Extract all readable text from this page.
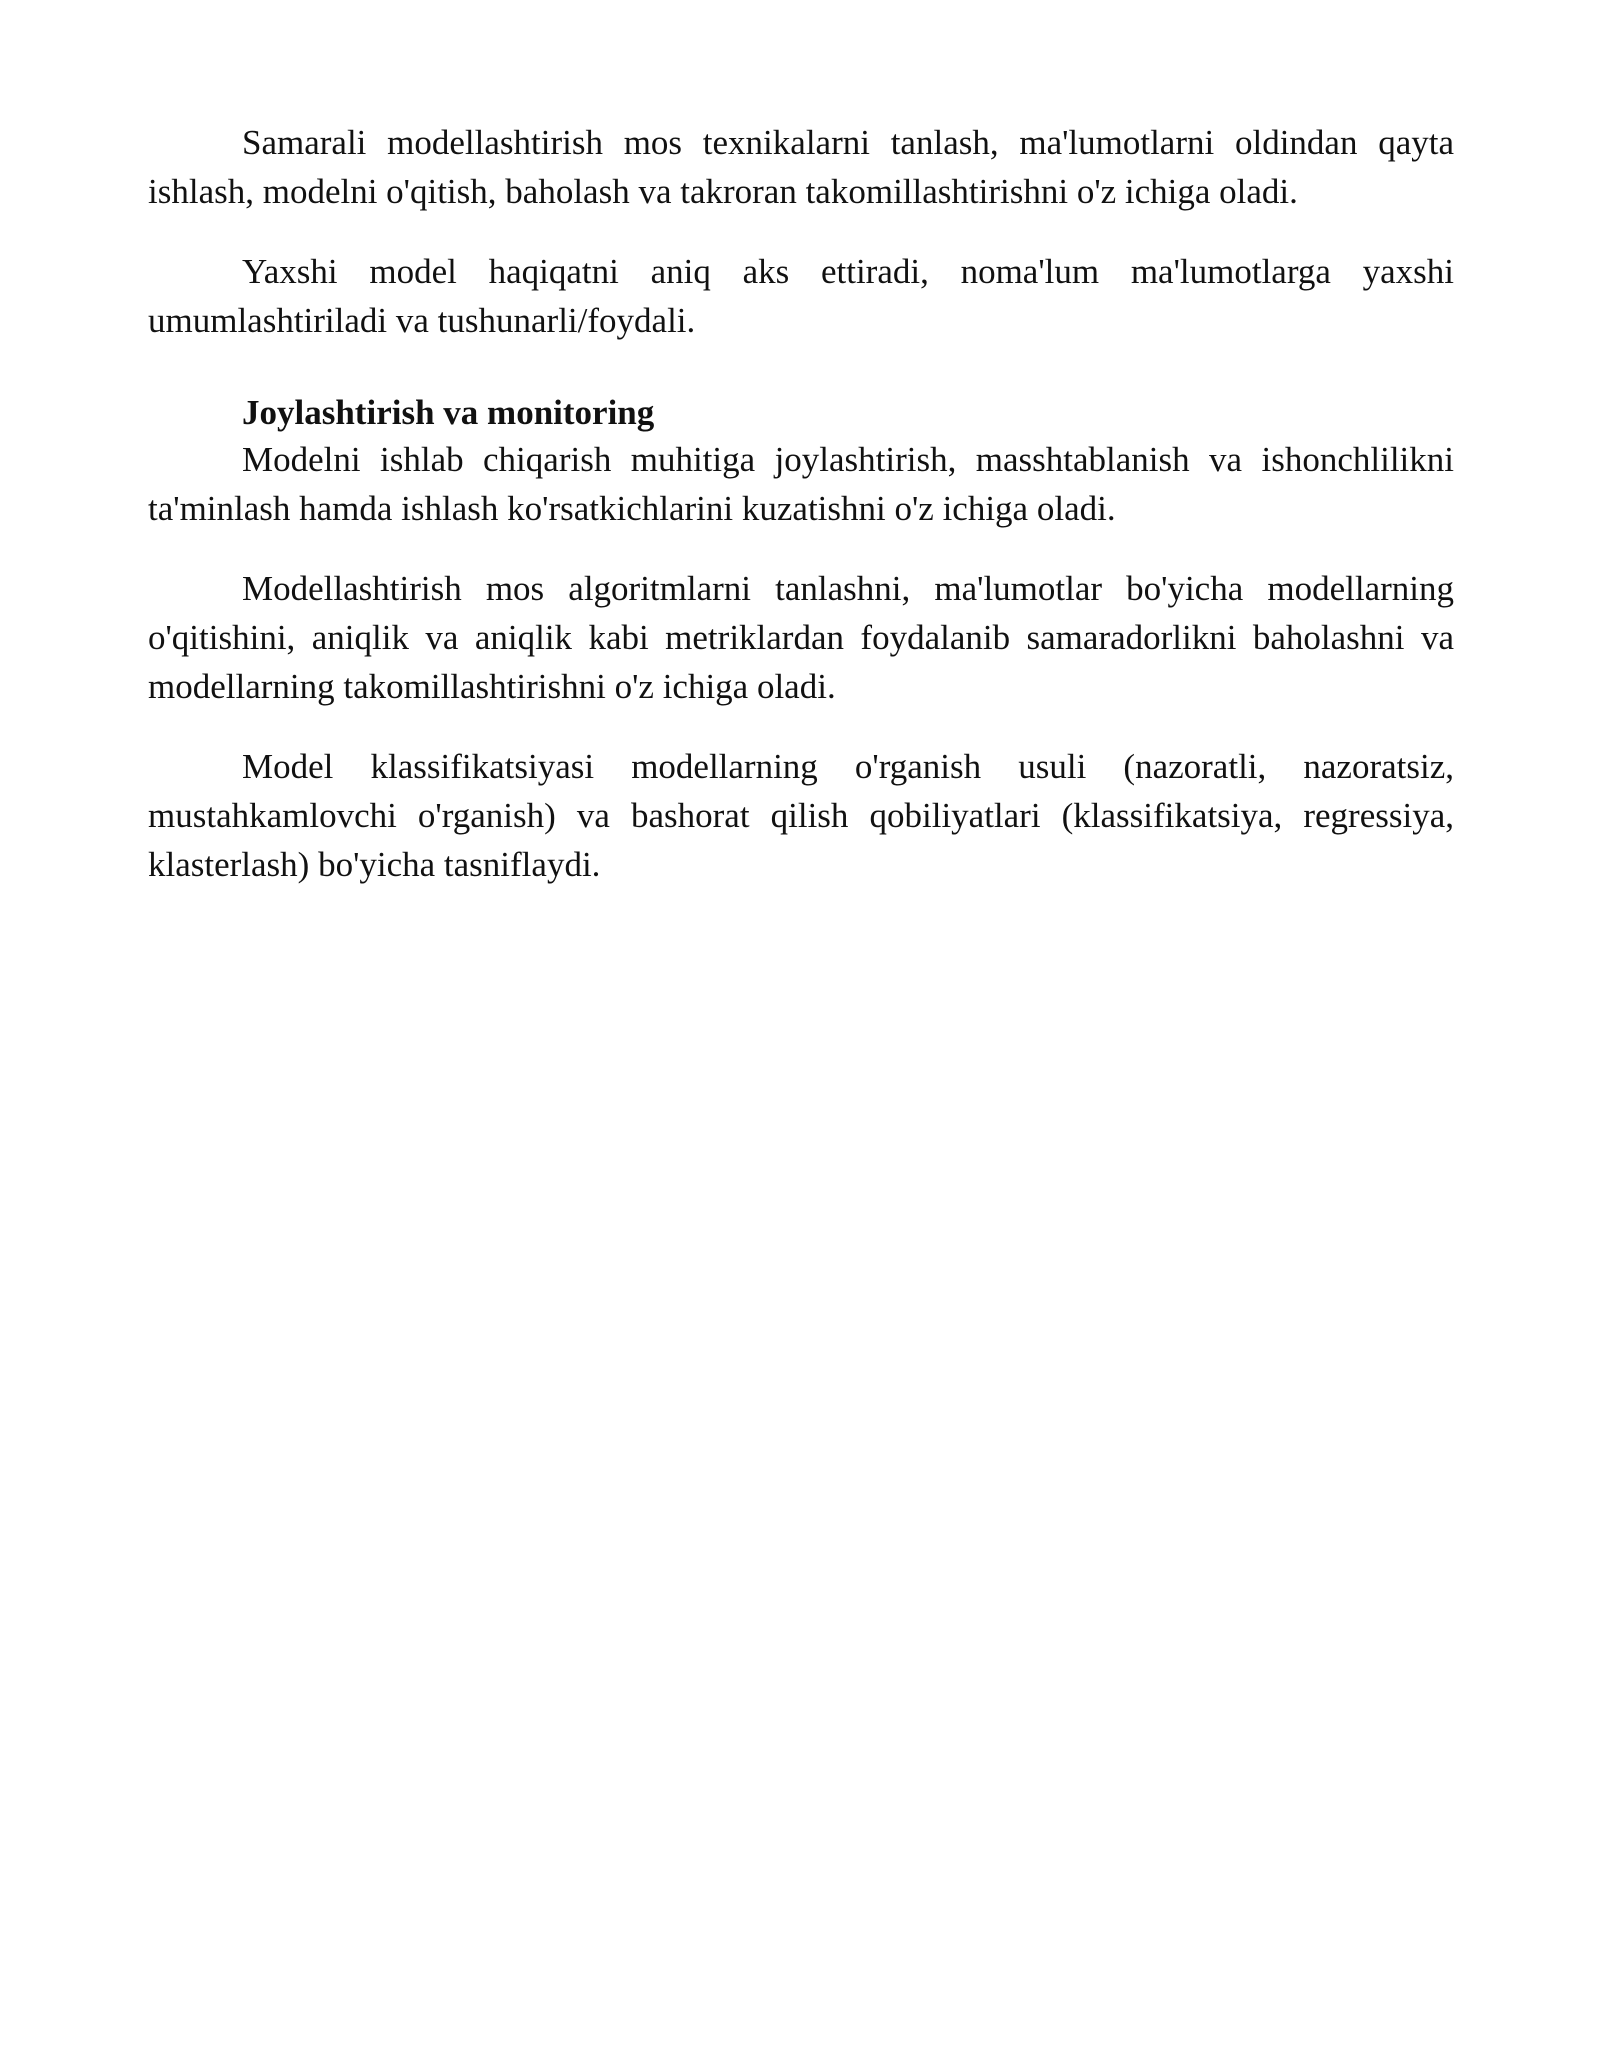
Samarali modellashtirish mos texnikalarni tanlash, ma'lumotlarni oldindan qayta ishlash, modelni o'qitish, baholash va takroran takomillashtirishni o'z ichiga oladi.

Yaxshi model haqiqatni aniq aks ettiradi, noma'lum ma'lumotlarga yaxshi umumlashtiriladi va tushunarli/foydali.

Joylashtirish va monitoring

Modelni ishlab chiqarish muhitiga joylashtirish, masshtablanish va ishonchlilikni ta'minlash hamda ishlash ko'rsatkichlarini kuzatishni o'z ichiga oladi.

Modellashtirish mos algoritmlarni tanlashni, ma'lumotlar bo'yicha modellarning o'qitishini, aniqlik va aniqlik kabi metriklardan foydalanib samaradorlikni baholashni va modellarning takomillashtirishni o'z ichiga oladi.

Model klassifikatsiyasi modellarning o'rganish usuli (nazoratli, nazoratsiz, mustahkamlovchi o'rganish) va bashorat qilish qobiliyatlari (klassifikatsiya, regressiya, klasterlash) bo'yicha tasniflaydi.
